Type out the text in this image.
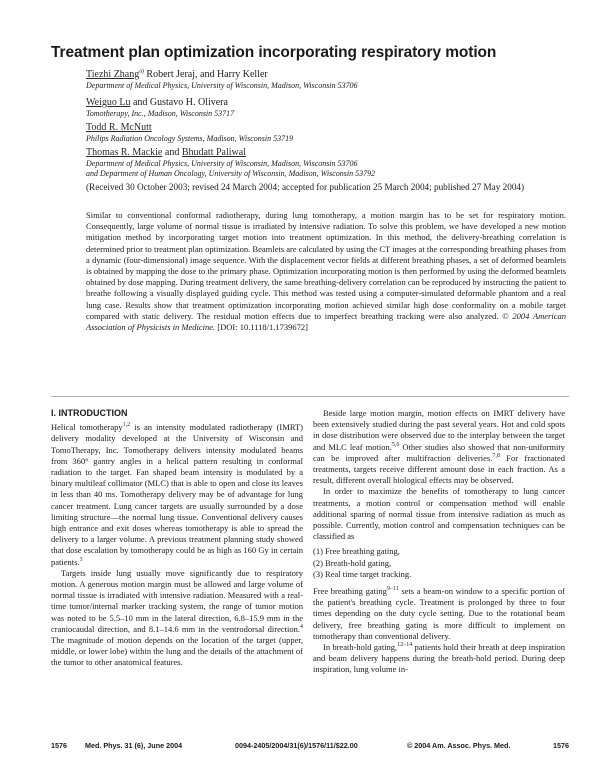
Treatment plan optimization incorporating respiratory motion
Tiezhi Zhang$^{a)}$ Robert Jeraj, and Harry Keller
Department of Medical Physics, University of Wisconsin, Madison, Wisconsin 53706
Weiguo Lu and Gustavo H. Olivera
Tomotherapy, Inc., Madison, Wisconsin 53717
Todd R. McNutt
Philips Radiation Oncology Systems, Madison, Wisconsin 53719
Thomas R. Mackie and Bhudatt Paliwal
Department of Medical Physics, University of Wisconsin, Madison, Wisconsin 53706
and Department of Human Oncology, University of Wisconsin, Madison, Wisconsin 53792
(Received 30 October 2003; revised 24 March 2004; accepted for publication 25 March 2004; published 27 May 2004)
Similar to conventional conformal radiotherapy, during lung tomotherapy, a motion margin has to be set for respiratory motion. Consequently, large volume of normal tissue is irradiated by intensive radiation. To solve this problem, we have developed a new motion mitigation method by incorporating target motion into treatment optimization. In this method, the delivery-breathing correlation is determined prior to treatment plan optimization. Beamlets are calculated by using the CT images at the corresponding breathing phases from a dynamic (four-dimensional) image sequence. With the displacement vector fields at different breathing phases, a set of deformed beamlets is obtained by mapping the dose to the primary phase. Optimization incorporating motion is then performed by using the deformed beamlets obtained by dose mapping. During treatment delivery, the same breathing-delivery correlation can be reproduced by instructing the patient to breathe following a visually displayed guiding cycle. This method was tested using a computer-simulated deformable phantom and a real lung case. Results show that treatment optimization incorporating motion achieved similar high dose conformality on a mobile target compared with static delivery. The residual motion effects due to imperfect breathing tracking were also analyzed. © 2004 American Association of Physicists in Medicine. [DOI: 10.1118/1.1739672]
I. INTRODUCTION

Helical tomotherapy$^{1,2}$ is an intensity modulated radiotherapy (IMRT) delivery modality developed at the University of Wisconsin and TomoTherapy, Inc. Tomotherapy delivers intensity modulated beams from 360° gantry angles in a helical pattern resulting in conformal radiation to the target. Fan shaped beam intensity is modulated by a binary multileaf collimator (MLC) that is able to open and close its leaves in less than 40 ms. Tomotherapy delivery may be of advantage for lung cancer treatment. Lung cancer targets are usually surrounded by a dose limiting structure—the normal lung tissue. Conventional delivery causes high entrance and exit doses whereas tomotherapy is able to spread the delivery to a larger volume. A previous treatment planning study showed that dose escalation by tomotherapy could be as high as 160 Gy in certain patients.$^3$

Targets inside lung usually move significantly due to respiratory motion. A generous motion margin must be allowed and large volume of normal tissue is irradiated with intensive radiation. Measured with a real-time tumor/internal marker tracking system, the range of tumor motion was noted to be 5.5–10 mm in the lateral direction, 6.8–15.9 mm in the craniocaudal direction, and 8.1–14.6 mm in the ventrodorsal direction.$^4$ The magnitude of motion depends on the location of the target (upper, middle, or lower lobe) within the lung and the details of the attachment of the tumor to other anatomical features.

Beside large motion margin, motion effects on IMRT delivery have been extensively studied during the past several years. Hot and cold spots in dose distribution were observed due to the interplay between the target and MLC leaf motion.$^{5,6}$ Other studies also showed that non-uniformity can be improved after multifraction deliveries.$^{7,8}$ For fractionated treatments, targets receive different amount dose in each fraction. As a result, different overall biological effects may be observed.

In order to maximize the benefits of tomotherapy to lung cancer treatments, a motion control or compensation method will enable additional sparing of normal tissue from intensive radiation as much as possible. Currently, motion control and compensation techniques can be classified as

(1) Free breathing gating,
(2) Breath-hold gating,
(3) Real time target tracking.

Free breathing gating$^{9-11}$ sets a beam-on window to a specific portion of the patient's breathing cycle. Treatment is prolonged by three to four times depending on the duty cycle setting. Due to the rotational beam delivery, free breathing gating is more difficult to implement on tomotherapy than conventional delivery.

In breath-hold gating,$^{12-14}$ patients hold their breath at deep inspiration and beam delivery happens during the breath-hold period. During deep inspiration, lung volume in-

1576	Med. Phys. 31 (6), June 2004	0094-2405/2004/31(6)/1576/11/$22.00	© 2004 Am. Assoc. Phys. Med.	1576
